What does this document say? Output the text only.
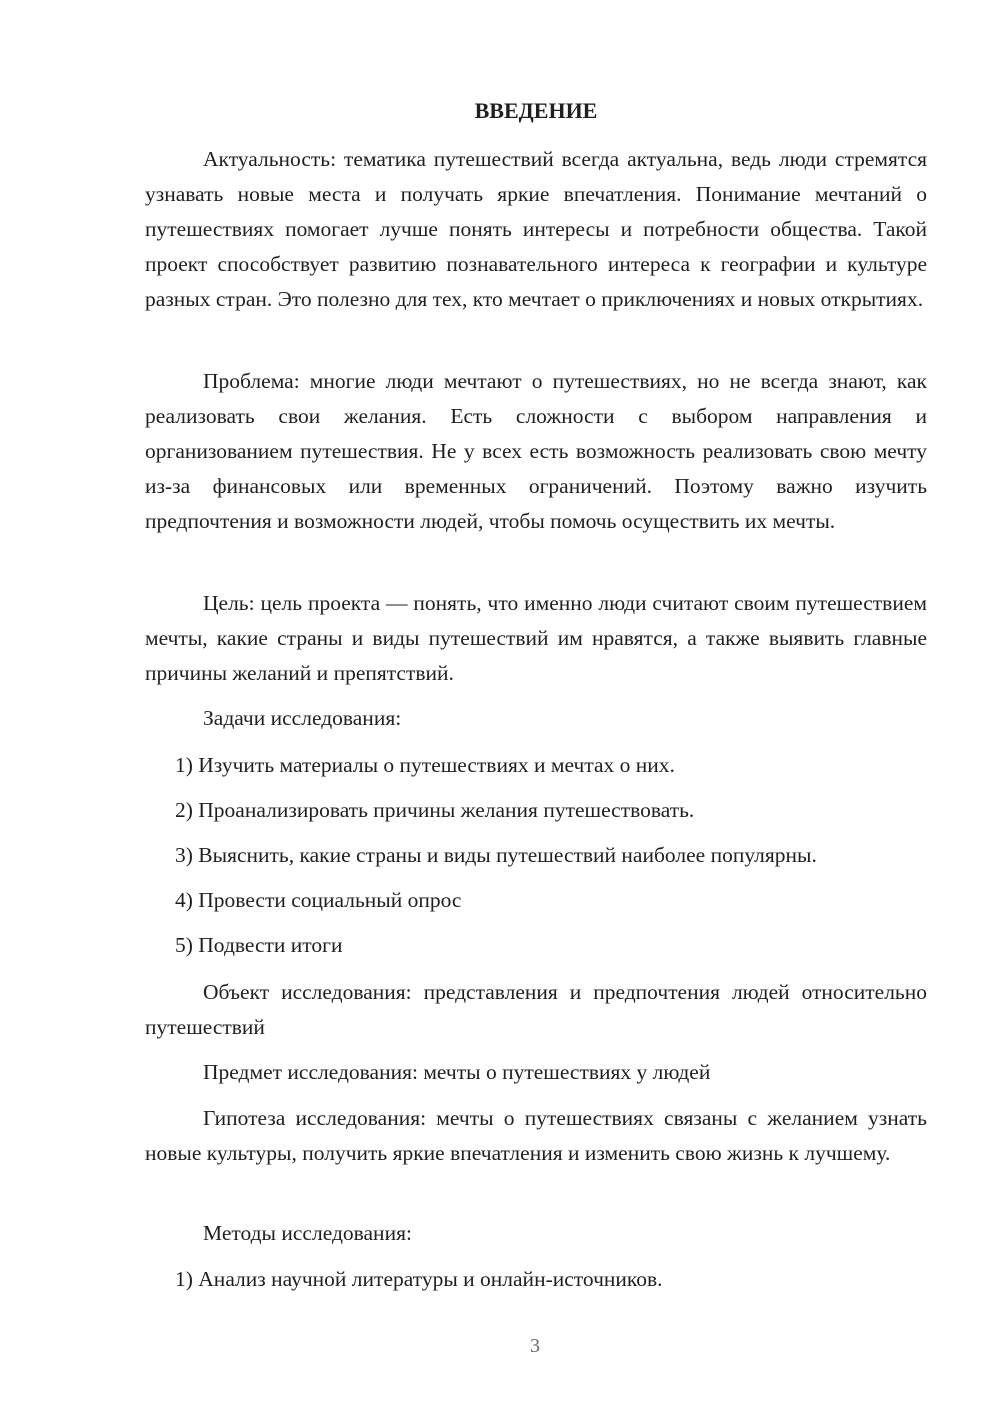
ВВЕДЕНИЕ

Актуальность: тематика путешествий всегда актуальна, ведь люди стремятся узнавать новые места и получать яркие впечатления. Понимание мечтаний о путешествиях помогает лучше понять интересы и потребности общества. Такой проект способствует развитию познавательного интереса к географии и культуре разных стран. Это полезно для тех, кто мечтает о приключениях и новых открытиях.

Проблема: многие люди мечтают о путешествиях, но не всегда знают, как реализовать свои желания. Есть сложности с выбором направления и организованием путешествия. Не у всех есть возможность реализовать свою мечту из-за финансовых или временных ограничений. Поэтому важно изучить предпочтения и возможности людей, чтобы помочь осуществить их мечты.

Цель: цель проекта — понять, что именно люди считают своим путешествием мечты, какие страны и виды путешествий им нравятся, а также выявить главные причины желаний и препятствий.

Задачи исследования:

1) Изучить материалы о путешествиях и мечтах о них.

2) Проанализировать причины желания путешествовать.

3) Выяснить, какие страны и виды путешествий наиболее популярны.

4) Провести социальный опрос

5) Подвести итоги

Объект исследования: представления и предпочтения людей относительно путешествий

Предмет исследования: мечты о путешествиях у людей

Гипотеза исследования: мечты о путешествиях связаны с желанием узнать новые культуры, получить яркие впечатления и изменить свою жизнь к лучшему.

Методы исследования:

1) Анализ научной литературы и онлайн-источников.

3
